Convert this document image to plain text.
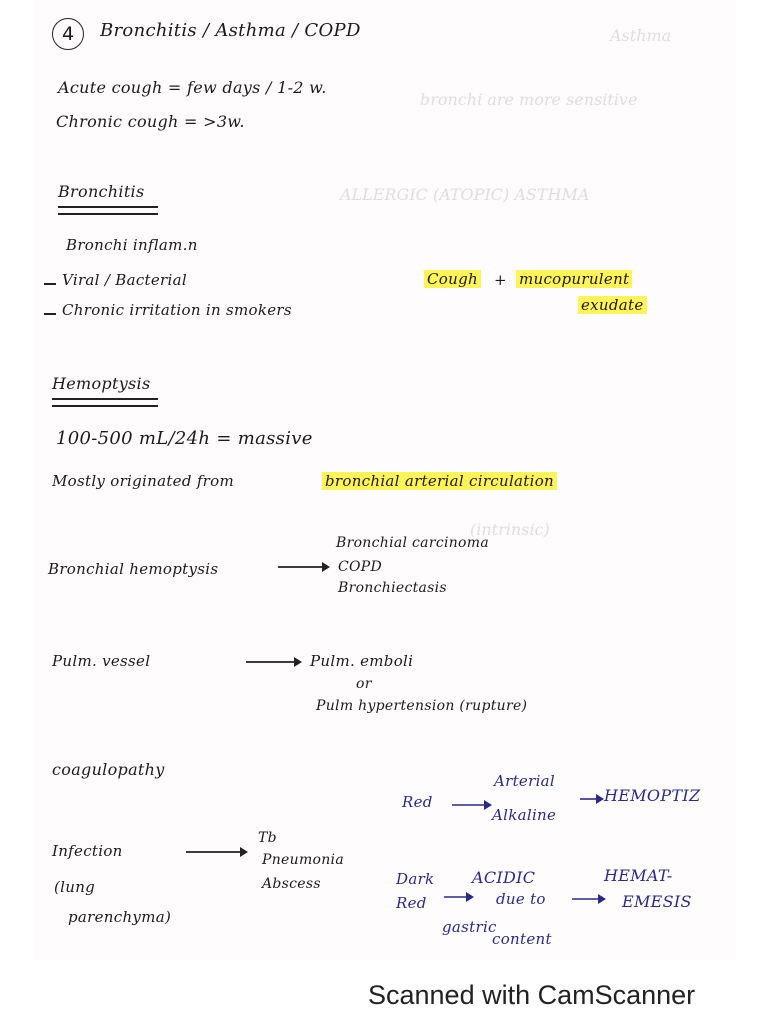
Asthma
bronchi are more sensitive
ALLERGIC (ATOPIC) ASTHMA
(intrinsic)
4	Bronchitis / Asthma / COPD
Acute cough = few days / 1-2 w.
Chronic cough = >3w.
Bronchitis
Bronchi inflam.n
Viral / Bacterial
Chronic irritation in smokers
Cough + mucopurulent
exudate
Hemoptysis
100-500 mL/24h = massive
Mostly originated from	bronchial arterial circulation
Bronchial hemoptysis
Bronchial carcinoma
COPD
Bronchiectasis
Pulm. vessel	Pulm. emboli
or
Pulm hypertension (rupture)
coagulopathy
Infection
(lung
parenchyma)
Tb
Pneumonia
Abscess
Red
Arterial
Alkaline
HEMOPTIZ
Dark
Red
ACIDIC
due to
HEMAT-
EMESIS
gastric
content
Scanned with CamScanner
